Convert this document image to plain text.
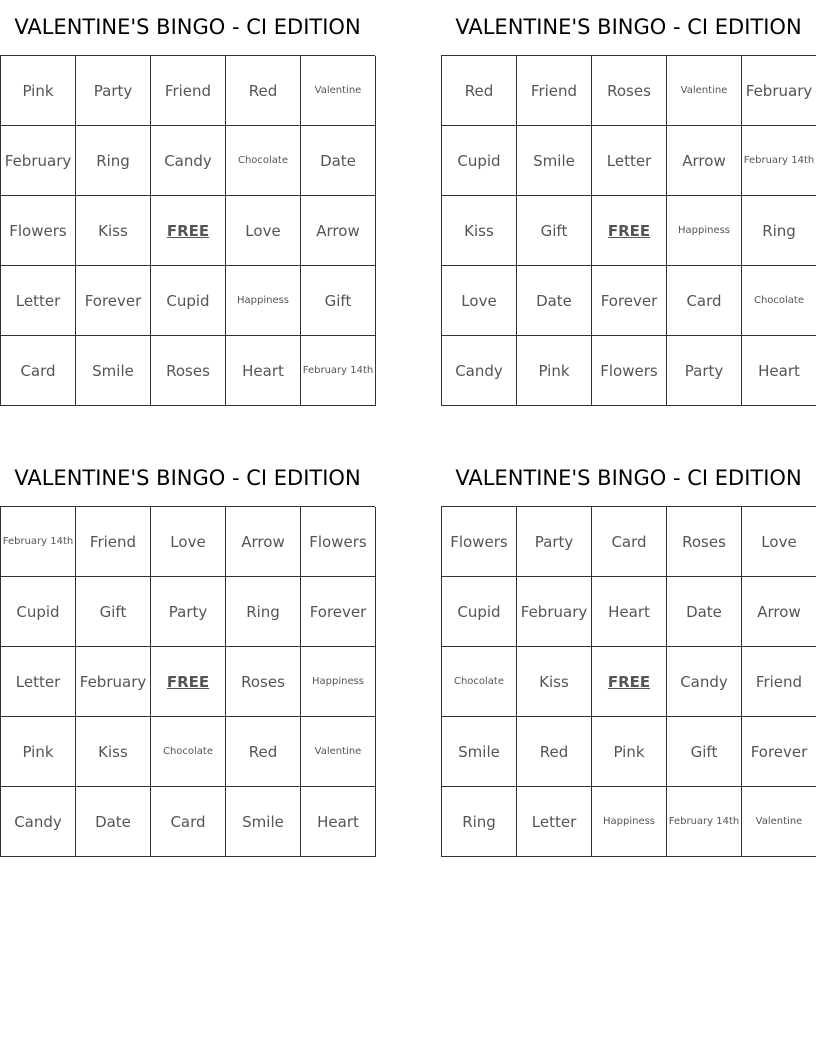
VALENTINE'S BINGO - CI EDITION
Pink	Party	Friend	Red	Valentine
February	Ring	Candy	Chocolate	Date
Flowers	Kiss	FREE	Love	Arrow
Letter	Forever	Cupid	Happiness	Gift
Card	Smile	Roses	Heart	February 14th
VALENTINE'S BINGO - CI EDITION
Red	Friend	Roses	Valentine	February
Cupid	Smile	Letter	Arrow	February 14th
Kiss	Gift	FREE	Happiness	Ring
Love	Date	Forever	Card	Chocolate
Candy	Pink	Flowers	Party	Heart
VALENTINE'S BINGO - CI EDITION
February 14th	Friend	Love	Arrow	Flowers
Cupid	Gift	Party	Ring	Forever
Letter	February	FREE	Roses	Happiness
Pink	Kiss	Chocolate	Red	Valentine
Candy	Date	Card	Smile	Heart
VALENTINE'S BINGO - CI EDITION
Flowers	Party	Card	Roses	Love
Cupid	February	Heart	Date	Arrow
Chocolate	Kiss	FREE	Candy	Friend
Smile	Red	Pink	Gift	Forever
Ring	Letter	Happiness	February 14th	Valentine
